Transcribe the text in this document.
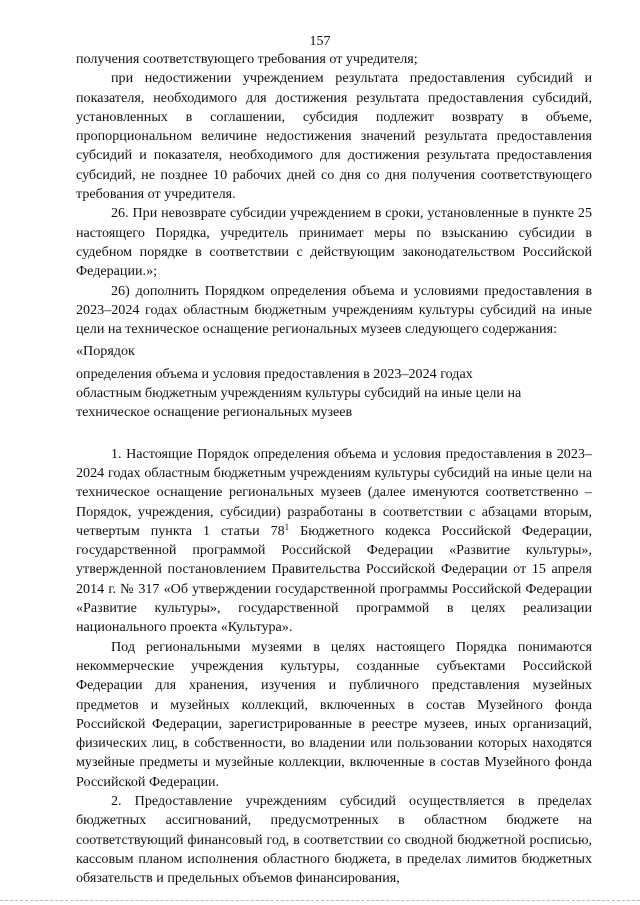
157

получения соответствующего требования от учредителя;

при недостижении учреждением результата предоставления субсидий и показателя, необходимого для достижения результата предоставления субсидий, установленных в соглашении, субсидия подлежит возврату в объеме, пропорциональном величине недостижения значений результата предоставления субсидий и показателя, необходимого для достижения результата предоставления субсидий, не позднее 10 рабочих дней со дня со дня получения соответствующего требования от учредителя.

26. При невозврате субсидии учреждением в сроки, установленные в пункте 25 настоящего Порядка, учредитель принимает меры по взысканию субсидии в судебном порядке в соответствии с действующим законодательством Российской Федерации.»;

26) дополнить Порядком определения объема и условиями предоставления в 2023–2024 годах областным бюджетным учреждениям культуры субсидий на иные цели на техническое оснащение региональных музеев следующего содержания:

«Порядок

определения объема и условия предоставления в 2023–2024 годах

областным бюджетным учреждениям культуры субсидий на иные цели на

техническое оснащение региональных музеев

1. Настоящие Порядок определения объема и условия предоставления в 2023–2024 годах областным бюджетным учреждениям культуры субсидий на иные цели на техническое оснащение региональных музеев (далее именуются соответственно – Порядок, учреждения, субсидии) разработаны в соответствии с абзацами вторым, четвертым пункта 1 статьи $78^1$ Бюджетного кодекса Российской Федерации, государственной программой Российской Федерации «Развитие культуры», утвержденной постановлением Правительства Российской Федерации от 15 апреля 2014 г. № 317 «Об утверждении государственной программы Российской Федерации «Развитие культуры», государственной программой в целях реализации национального проекта «Культура».

Под региональными музеями в целях настоящего Порядка понимаются некоммерческие учреждения культуры, созданные субъектами Российской Федерации для хранения, изучения и публичного представления музейных предметов и музейных коллекций, включенных в состав Музейного фонда Российской Федерации, зарегистрированные в реестре музеев, иных организаций, физических лиц, в собственности, во владении или пользовании которых находятся музейные предметы и музейные коллекции, включенные в состав Музейного фонда Российской Федерации.

2. Предоставление учреждениям субсидий осуществляется в пределах бюджетных ассигнований, предусмотренных в областном бюджете на соответствующий финансовый год, в соответствии со сводной бюджетной росписью, кассовым планом исполнения областного бюджета, в пределах лимитов бюджетных обязательств и предельных объемов финансирования,
